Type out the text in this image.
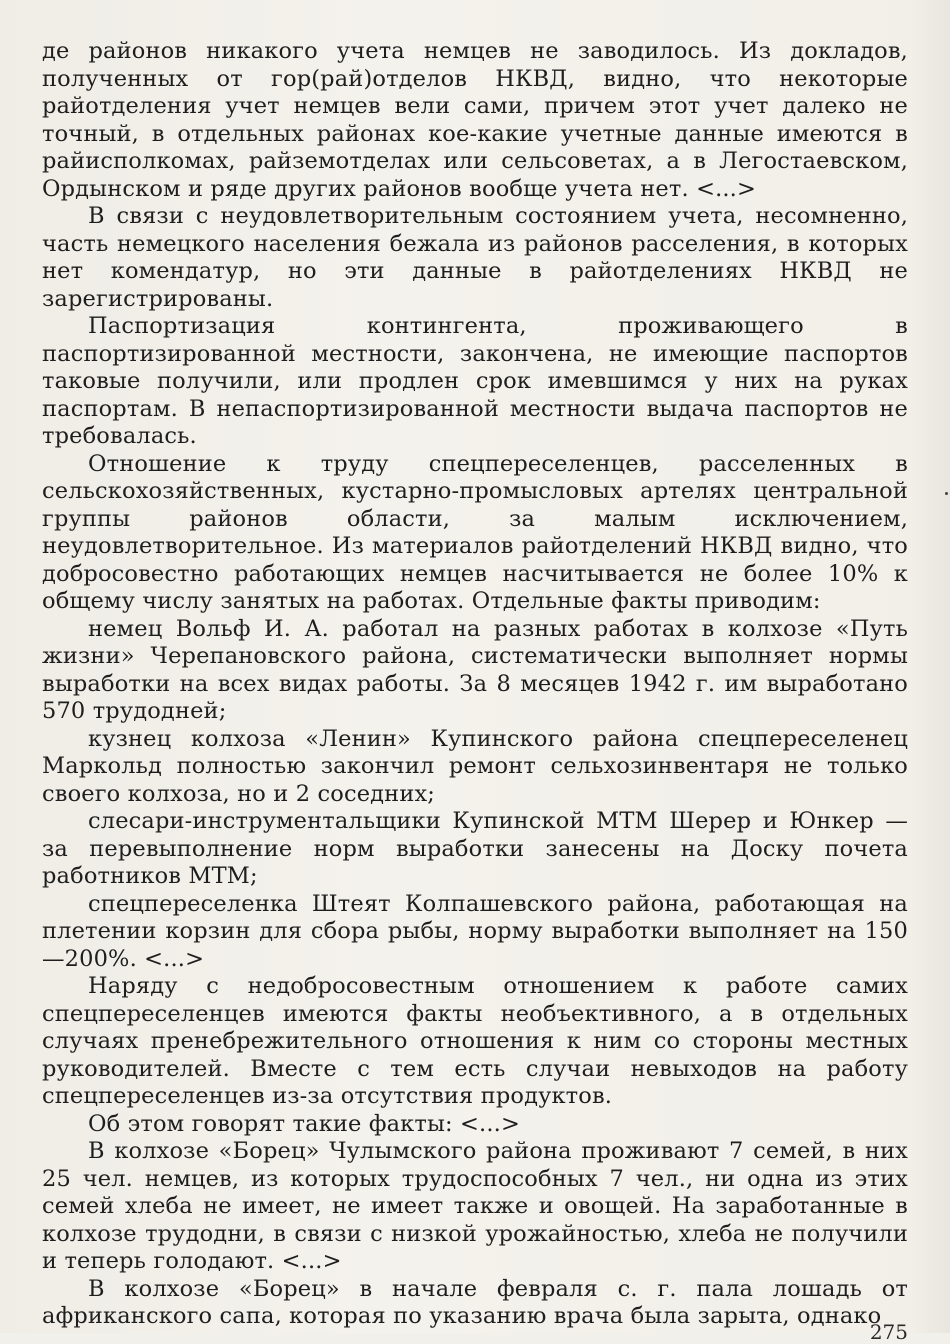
де районов никакого учета немцев не заводилось. Из докладов, полученных от гор(рай)отделов НКВД, видно, что некоторые райотделения учет немцев вели сами, причем этот учет далеко не точный, в отдельных районах кое-какие учетные данные имеются в райисполкомах, райземотделах или сельсоветах, а в Легостаевском, Ордынском и ряде других районов вообще учета нет. <...>

В связи с неудовлетворительным состоянием учета, несомненно, часть немецкого населения бежала из районов расселения, в которых нет комендатур, но эти данные в райотделениях НКВД не зарегистрированы.

Паспортизация контингента, проживающего в паспортизированной местности, закончена, не имеющие паспортов таковые получили, или продлен срок имевшимся у них на руках паспортам. В непаспортизированной местности выдача паспортов не требовалась.

Отношение к труду спецпереселенцев, расселенных в сельскохозяйственных, кустарно-промысловых артелях центральной группы районов области, за малым исключением, неудовлетворительное. Из материалов райотделений НКВД видно, что добросовестно работающих немцев насчитывается не более 10% к общему числу занятых на работах. Отдельные факты приводим:

немец Вольф И. А. работал на разных работах в колхозе «Путь жизни» Черепановского района, систематически выполняет нормы выработки на всех видах работы. За 8 месяцев 1942 г. им выработано 570 трудодней;

кузнец колхоза «Ленин» Купинского района спецпереселенец Маркольд полностью закончил ремонт сельхозинвентаря не только своего колхоза, но и 2 соседних;

слесари-инструментальщики Купинской МТМ Шерер и Юнкер — за перевыполнение норм выработки занесены на Доску почета работников МТМ;

спецпереселенка Штеят Колпашевского района, работающая на плетении корзин для сбора рыбы, норму выработки выполняет на 150—200%. <...>

Наряду с недобросовестным отношением к работе самих спецпереселенцев имеются факты необъективного, а в отдельных случаях пренебрежительного отношения к ним со стороны местных руководителей. Вместе с тем есть случаи невыходов на работу спецпереселенцев из-за отсутствия продуктов.

Об этом говорят такие факты: <...>

В колхозе «Борец» Чулымского района проживают 7 семей, в них 25 чел. немцев, из которых трудоспособных 7 чел., ни одна из этих семей хлеба не имеет, не имеет также и овощей. На заработанные в колхозе трудодни, в связи с низкой урожайностью, хлеба не получили и теперь голодают. <...>

В колхозе «Борец» в начале февраля с. г. пала лошадь от африканского сапа, которая по указанию врача была зарыта, однако

275
